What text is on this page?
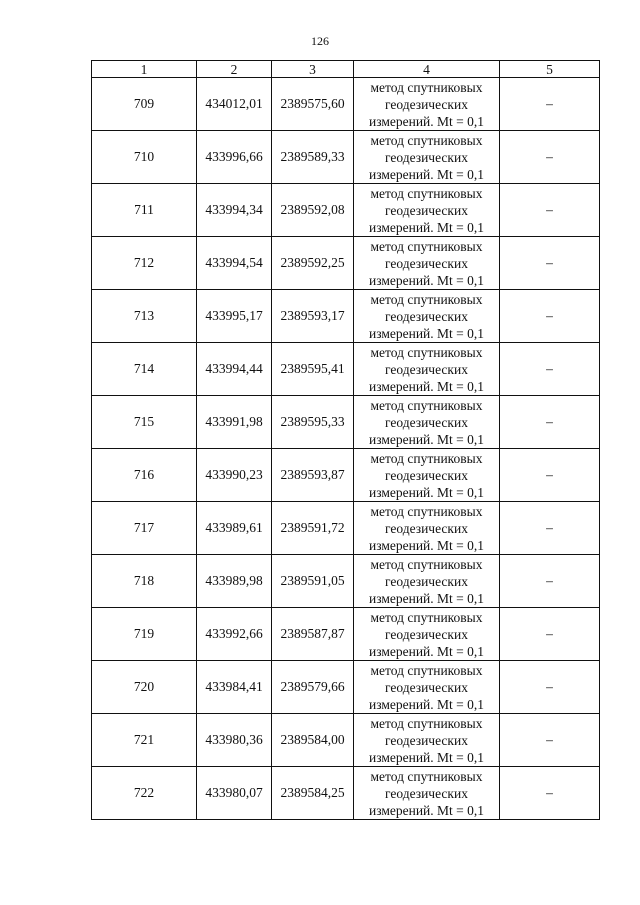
126
1	2	3	4	5
709	434012,01	2389575,60	метод спутниковых
геодезических
измерений. Mt = 0,1	–
710	433996,66	2389589,33	метод спутниковых
геодезических
измерений. Mt = 0,1	–
711	433994,34	2389592,08	метод спутниковых
геодезических
измерений. Mt = 0,1	–
712	433994,54	2389592,25	метод спутниковых
геодезических
измерений. Mt = 0,1	–
713	433995,17	2389593,17	метод спутниковых
геодезических
измерений. Mt = 0,1	–
714	433994,44	2389595,41	метод спутниковых
геодезических
измерений. Mt = 0,1	–
715	433991,98	2389595,33	метод спутниковых
геодезических
измерений. Mt = 0,1	–
716	433990,23	2389593,87	метод спутниковых
геодезических
измерений. Mt = 0,1	–
717	433989,61	2389591,72	метод спутниковых
геодезических
измерений. Mt = 0,1	–
718	433989,98	2389591,05	метод спутниковых
геодезических
измерений. Mt = 0,1	–
719	433992,66	2389587,87	метод спутниковых
геодезических
измерений. Mt = 0,1	–
720	433984,41	2389579,66	метод спутниковых
геодезических
измерений. Mt = 0,1	–
721	433980,36	2389584,00	метод спутниковых
геодезических
измерений. Mt = 0,1	–
722	433980,07	2389584,25	метод спутниковых
геодезических
измерений. Mt = 0,1	–
